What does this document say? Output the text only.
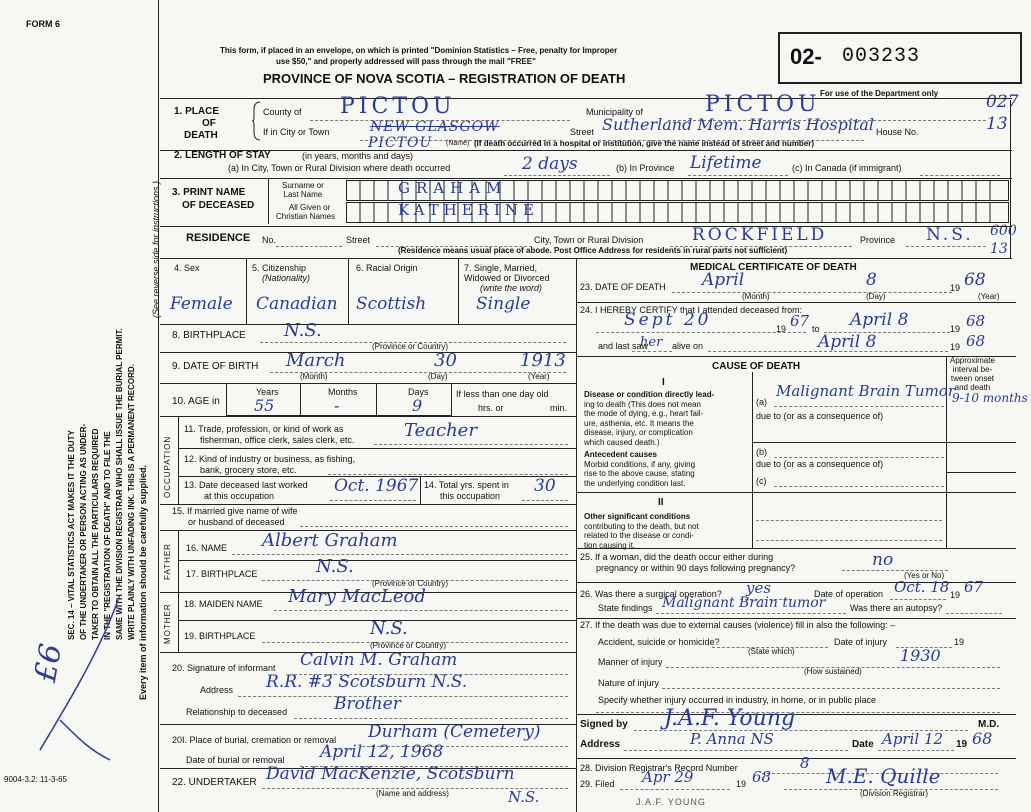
FORM 6
SEC. 14 – VITAL STATISTICS ACT MAKES IT THE DUTY OF THE UNDERTAKER OR PERSON ACTING AS UNDER- TAKER TO OBTAIN ALL THE PARTICULARS REQUIRED IN THE "REGISTRATION OF DEATH" AND TO FILE THE SAME WITH THE DIVISION REGISTRAR WHO SHALL ISSUE THE BURIAL PERMIT. WRITE PLAINLY WITH UNFADING INK. THIS IS A PERMANENT RECORD. Every item of information should be carefully supplied.
(See reverse side for instructions.)
£6
9004-3.2: 11-3-65
This form, if placed in an envelope, on which is printed "Dominion Statistics – Free, penalty for Improper
use $50," and properly addressed will pass through the mail "FREE"
PROVINCE OF NOVA SCOTIA – REGISTRATION OF DEATH
02- 003233
For use of the Department only	027
13
600
13
1. PLACE
OF
DEATH
County of PICTOU	Municipality of	PICTOU
If in City or Town	NEW GLASGOW
PICTOU (Name)
Street Sutherland Mem. Harris Hospital House No.
(If death occurred in a hospital or institution, give the name instead of street and number)
2. LENGTH OF STAY	(in years, months and days)
(a) In City, Town or Rural Division where death occurred	2 days	(b) In Province Lifetime	(c) In Canada (if immigrant)
3. PRINT NAME
OF DECEASED
Surname or
Last Name
All Given or
Christian Names
GRAHAM
KATHERINE
RESIDENCE No.	Street	City, Town or Rural Division	ROCKFIELD	Province N.S.
(Residence means usual place of abode. Post Office Address for residents in rural parts not sufficient)
4. Sex	5. Citizenship
(Nationality)
6. Racial Origin	7. Single, Married,
Widowed or Divorced
(write the word)
Female Canadian Scottish	Single
8. BIRTHPLACE N.S.
(Province or Country)
9. DATE OF BIRTH March	30	1913
(Month)	(Day)	(Year)
10. AGE in
Years	Months	Days
55	-	9
If less than one day old
hrs. or	min.
OCCUPATION
11. Trade, profession, or kind of work as
fisherman, office clerk, sales clerk, etc.	Teacher
12. Kind of industry or business, as fishing,
bank, grocery store, etc.
13. Date deceased last worked
at this occupation	Oct. 1967 14. Total yrs. spent in
this occupation	30
15. If married give name of wife
or husband of deceased
FATHER 16. NAME Albert Graham
17. BIRTHPLACE	N.S.
(Province or Country)
MOTHER 18. MAIDEN NAME Mary MacLeod
19. BIRTHPLACE	N.S.
(Province or Country)
20. Signature of informant Calvin M. Graham
Address R.R. #3 Scotsburn N.S.
Relationship to deceased	Brother
20I. Place of burial, cremation or removal Durham (Cemetery)
Date of burial or removal April 12, 1968
22. UNDERTAKER David MacKenzie, Scotsburn
N.S.
(Name and address)
MEDICAL CERTIFICATE OF DEATH
23. DATE OF DEATH April	8	19 68
(Month)	(Day)	(Year)
24. I HEREBY CERTIFY that I attended deceased from:
Sept 20	19 67 to April 8	19 68
and last saw
her alive on	April 8	19 68
CAUSE OF DEATH
Approximate
interval be-
tween onset
and death
I
Disease or condition directly lead-
ing to death (This does not mean
the mode of dying, e.g., heart fail-
ure, asthenia, etc. It means the
disease, injury, or complication
which caused death.)
(a)
Malignant Brain Tumor
due to (or as a consequence of)
9-10 months
Antecedent causes
Morbid conditions, if any, giving
rise to the above cause, stating
the underlying condition last.
(b)
due to (or as a consequence of)
(c)
II
Other significant conditions
contributing to the death, but not
related to the disease or condi-
tion causing it.
25. If a woman, did the death occur either during
pregnancy or within 90 days following pregnancy?	no
(Yes or No)
26. Was there a surgical operation? yes	Date of operation Oct. 18 19 67
State findings Malignant Brain tumor	Was there an autopsy?
27. If the death was due to external causes (violence) fill in also the following: –
Accident, suicide or homicide?	Date of injury	19
(State which)
Manner of injury	1930
(How sustained)
Nature of injury
Specify whether injury occurred in industry, in home, or in public place
Signed by J.A.F. Young	M.D.
Address	P. Anna NS	Date April 12 19 68
28. Division Registrar's Record Number	8
29. Filed Apr 29	19 68	M.E. Quille
(Division Registrar)
J.A.F. YOUNG
